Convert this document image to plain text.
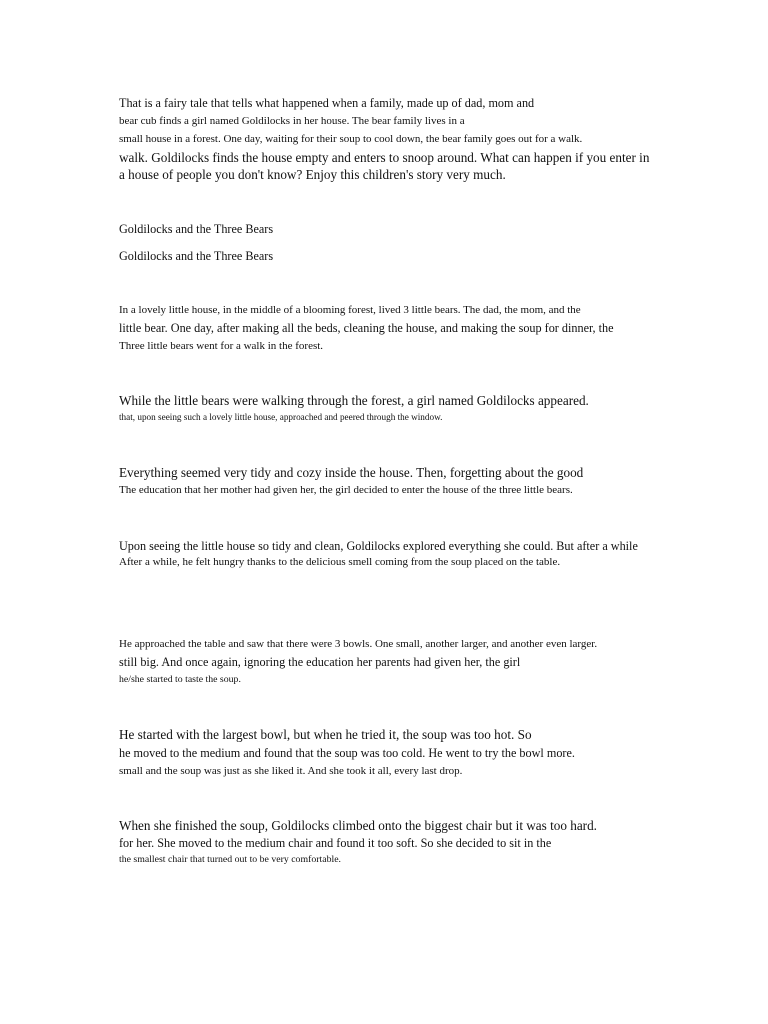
That is a fairy tale that tells what happened when a family, made up of dad, mom and
bear cub finds a girl named Goldilocks in her house. The bear family lives in a
small house in a forest. One day, waiting for their soup to cool down, the bear family goes out for a walk.
walk. Goldilocks finds the house empty and enters to snoop around. What can happen if you enter in
a house of people you don't know? Enjoy this children's story very much.
Goldilocks and the Three Bears
Goldilocks and the Three Bears
In a lovely little house, in the middle of a blooming forest, lived 3 little bears. The dad, the mom, and the
little bear. One day, after making all the beds, cleaning the house, and making the soup for dinner, the
Three little bears went for a walk in the forest.
While the little bears were walking through the forest, a girl named Goldilocks appeared.
that, upon seeing such a lovely little house, approached and peered through the window.
Everything seemed very tidy and cozy inside the house. Then, forgetting about the good
The education that her mother had given her, the girl decided to enter the house of the three little bears.
Upon seeing the little house so tidy and clean, Goldilocks explored everything she could. But after a while
After a while, he felt hungry thanks to the delicious smell coming from the soup placed on the table.
He approached the table and saw that there were 3 bowls. One small, another larger, and another even larger.
still big. And once again, ignoring the education her parents had given her, the girl
he/she started to taste the soup.
He started with the largest bowl, but when he tried it, the soup was too hot. So
he moved to the medium and found that the soup was too cold. He went to try the bowl more.
small and the soup was just as she liked it. And she took it all, every last drop.
When she finished the soup, Goldilocks climbed onto the biggest chair but it was too hard.
for her. She moved to the medium chair and found it too soft. So she decided to sit in the
the smallest chair that turned out to be very comfortable.
